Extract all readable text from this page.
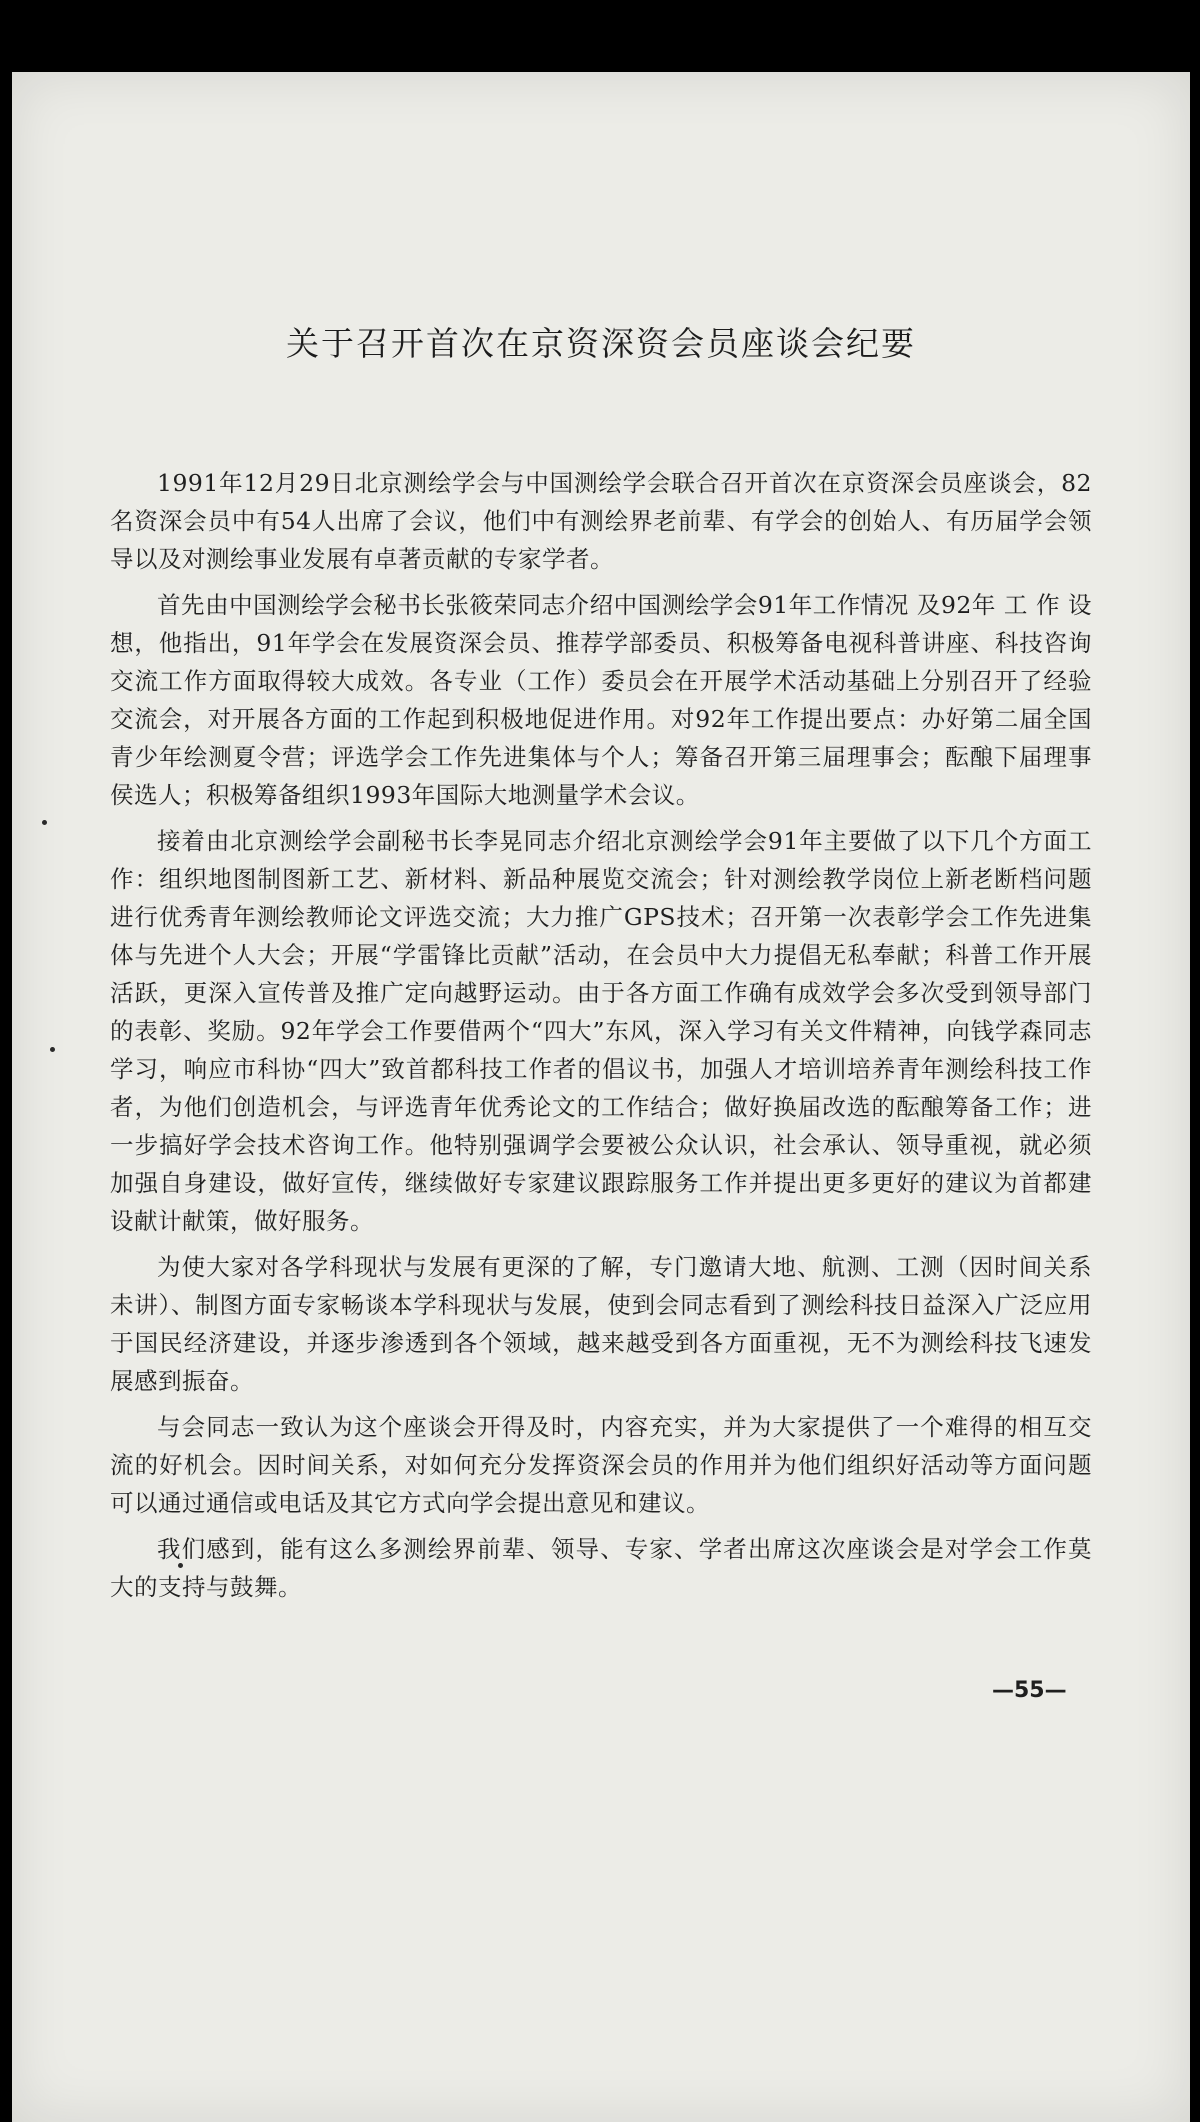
关于召开首次在京资深资会员座谈会纪要

1991年12月29日北京测绘学会与中国测绘学会联合召开首次在京资深会员座谈会，82名资深会员中有54人出席了会议，他们中有测绘界老前辈、有学会的创始人、有历届学会领导以及对测绘事业发展有卓著贡献的专家学者。

首先由中国测绘学会秘书长张筱荣同志介绍中国测绘学会91年工作情况 及92年 工 作 设想，他指出，91年学会在发展资深会员、推荐学部委员、积极筹备电视科普讲座、科技咨询交流工作方面取得较大成效。各专业（工作）委员会在开展学术活动基础上分别召开了经验交流会，对开展各方面的工作起到积极地促进作用。对92年工作提出要点：办好第二届全国青少年绘测夏令营；评选学会工作先进集体与个人；筹备召开第三届理事会；酝酿下届理事侯选人；积极筹备组织1993年国际大地测量学术会议。

接着由北京测绘学会副秘书长李晃同志介绍北京测绘学会91年主要做了以下几个方面工作：组织地图制图新工艺、新材料、新品种展览交流会；针对测绘教学岗位上新老断档问题进行优秀青年测绘教师论文评选交流；大力推广GPS技术；召开第一次表彰学会工作先进集体与先进个人大会；开展“学雷锋比贡献”活动，在会员中大力提倡无私奉献；科普工作开展活跃，更深入宣传普及推广定向越野运动。由于各方面工作确有成效学会多次受到领导部门的表彰、奖励。92年学会工作要借两个“四大”东风，深入学习有关文件精神，向钱学森同志学习，响应市科协“四大”致首都科技工作者的倡议书，加强人才培训培养青年测绘科技工作者，为他们创造机会，与评选青年优秀论文的工作结合；做好换届改选的酝酿筹备工作；进一步搞好学会技术咨询工作。他特别强调学会要被公众认识，社会承认、领导重视，就必须加强自身建设，做好宣传，继续做好专家建议跟踪服务工作并提出更多更好的建议为首都建设献计献策，做好服务。

为使大家对各学科现状与发展有更深的了解，专门邀请大地、航测、工测（因时间关系未讲）、制图方面专家畅谈本学科现状与发展，使到会同志看到了测绘科技日益深入广泛应用于国民经济建设，并逐步渗透到各个领域，越来越受到各方面重视，无不为测绘科技飞速发展感到振奋。

与会同志一致认为这个座谈会开得及时，内容充实，并为大家提供了一个难得的相互交流的好机会。因时间关系，对如何充分发挥资深会员的作用并为他们组织好活动等方面问题可以通过通信或电话及其它方式向学会提出意见和建议。

我们感到，能有这么多测绘界前辈、领导、专家、学者出席这次座谈会是对学会工作莫大的支持与鼓舞。

—55—
